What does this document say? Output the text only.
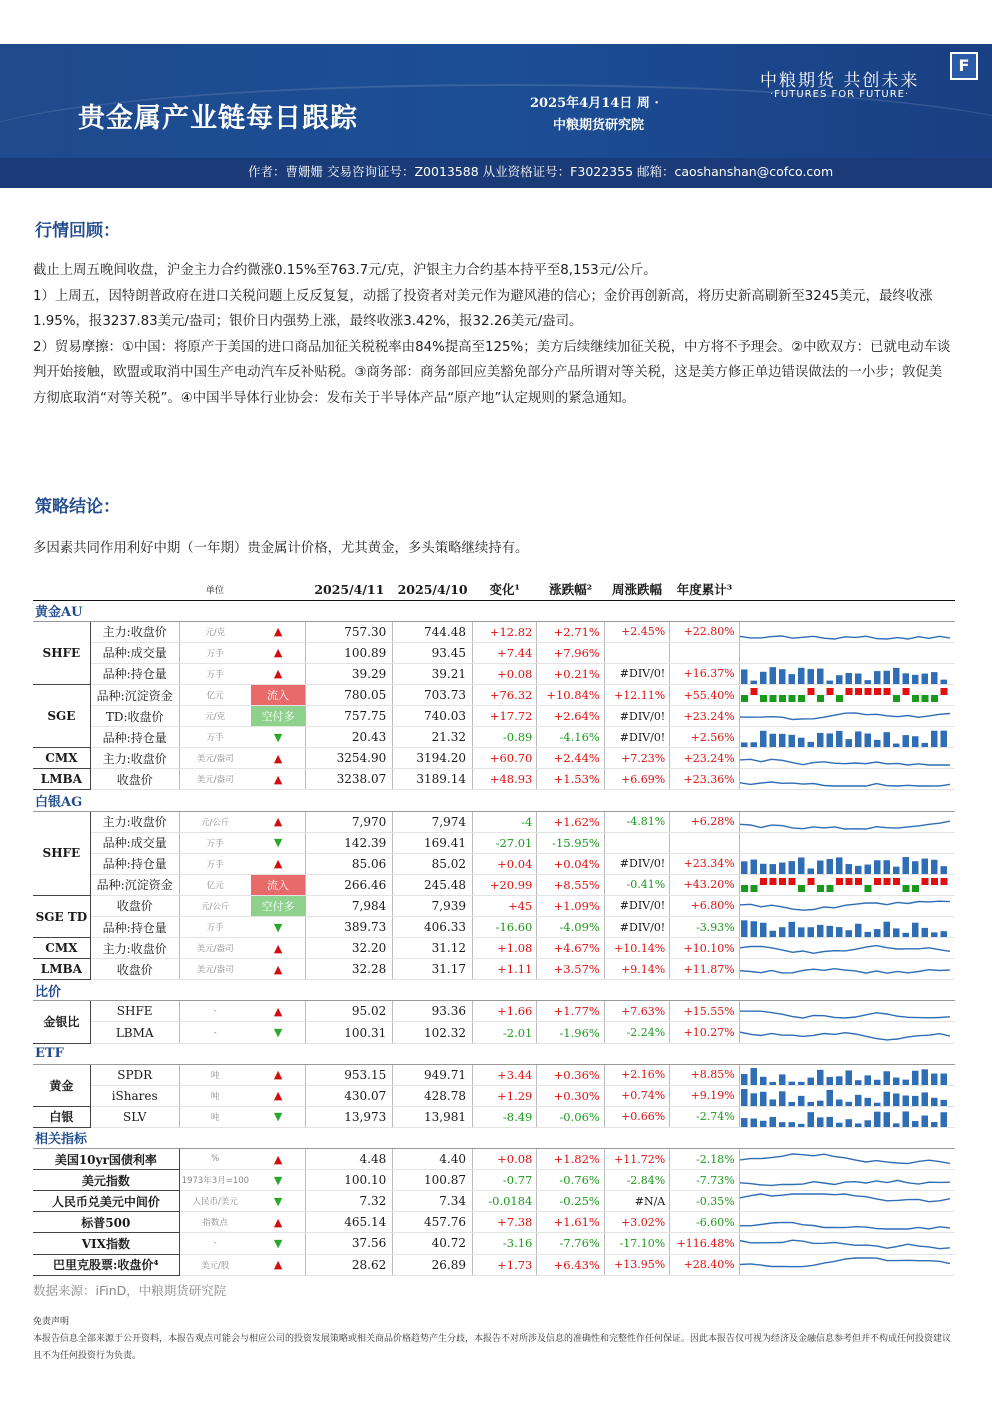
贵金属产业链每日跟踪	2025年4月14日 周 ·
中粮期货研究院
中粮期货 共创未来
·FUTURES FOR FUTURE·
F
作者：曹姗姗 交易咨询证号：Z0013588 从业资格证号：F3022355 邮箱：caoshanshan@cofco.com
行情回顾：
截止上周五晚间收盘，沪金主力合约微涨0.15%至763.7元/克，沪银主力合约基本持平至8,153元/公斤。
1）上周五，因特朗普政府在进口关税问题上反反复复，动摇了投资者对美元作为避风港的信心；金价再创新高，将历史新高刷新至3245美元，最终收涨1.95%，报3237.83美元/盎司；银价日内强势上涨，最终收涨3.42%，报32.26美元/盎司。
2）贸易摩擦：①中国：将原产于美国的进口商品加征关税税率由84%提高至125%；美方后续继续加征关税，中方将不予理会。②中欧双方：已就电动车谈判开始接触，欧盟或取消中国生产电动汽车反补贴税。③商务部：商务部回应美豁免部分产品所谓对等关税，这是美方修正单边错误做法的一小步；敦促美方彻底取消“对等关税”。④中国半导体行业协会：发布关于半导体产品“原产地”认定规则的紧急通知。
策略结论：
多因素共同作用利好中期（一年期）贵金属计价格，尤其黄金，多头策略继续持有。
		单位		2025/4/11	2025/4/10	变化¹	涨跌幅²	周涨跌幅	年度累计³	
黄金AU										
SHFE	主力:收盘价	元/克	▲	757.30	744.48	+12.82	+2.71%	+2.45%	+22.80%	

	品种:成交量	万手	▲	100.89	93.45	+7.44	+7.96%			
	品种:持仓量	万手	▲	39.29	39.21	+0.08	+0.21%	#DIV/0!	+16.37%	

SGE	品种:沉淀资金	亿元	流入	780.05	703.73	+76.32	+10.84%	+12.11%	+55.40%	

	TD:收盘价	元/克	空付多	757.75	740.03	+17.72	+2.64%	#DIV/0!	+23.24%	

	品种:持仓量	万手	▼	20.43	21.32	-0.89	-4.16%	#DIV/0!	+2.56%	

CMX	主力:收盘价	美元/盎司	▲	3254.90	3194.20	+60.70	+2.44%	+7.23%	+23.24%	

LMBA	收盘价	美元/盎司	▲	3238.07	3189.14	+48.93	+1.53%	+6.69%	+23.36%	

白银AG										
SHFE	主力:收盘价	元/公斤	▲	7,970	7,974	-4	+1.62%	-4.81%	+6.28%	

	品种:成交量	万手	▼	142.39	169.41	-27.01	-15.95%			
	品种:持仓量	万手	▲	85.06	85.02	+0.04	+0.04%	#DIV/0!	+23.34%	

	品种:沉淀资金	亿元	流入	266.46	245.48	+20.99	+8.55%	-0.41%	+43.20%	

SGE TD	收盘价	元/公斤	空付多	7,984	7,939	+45	+1.09%	#DIV/0!	+6.80%	

	品种:持仓量	万手	▼	389.73	406.33	-16.60	-4.09%	#DIV/0!	-3.93%	

CMX	主力:收盘价	美元/盎司	▲	32.20	31.12	+1.08	+4.67%	+10.14%	+10.10%	

LMBA	收盘价	美元/盎司	▲	32.28	31.17	+1.11	+3.57%	+9.14%	+11.87%	

比价										
金银比	SHFE	-	▲	95.02	93.36	+1.66	+1.77%	+7.63%	+15.55%	

	LBMA	-	▼	100.31	102.32	-2.01	-1.96%	-2.24%	+10.27%	

ETF										
黄金	SPDR	吨	▲	953.15	949.71	+3.44	+0.36%	+2.16%	+8.85%	

	iShares	吨	▲	430.07	428.78	+1.29	+0.30%	+0.74%	+9.19%	

白银	SLV	吨	▼	13,973	13,981	-8.49	-0.06%	+0.66%	-2.74%	

相关指标										
美国10yr国债利率		%	▲	4.48	4.40	+0.08	+1.82%	+11.72%	-2.18%	

美元指数		1973年3月=100	▼	100.10	100.87	-0.77	-0.76%	-2.84%	-7.73%	

人民币兑美元中间价		人民币/美元	▼	7.32	7.34	-0.0184	-0.25%	#N/A	-0.35%	

标普500		指数点	▲	465.14	457.76	+7.38	+1.61%	+3.02%	-6.60%	

VIX指数		-	▼	37.56	40.72	-3.16	-7.76%	-17.10%	+116.48%	

巴里克股票:收盘价⁴		美元/股	▲	28.62	26.89	+1.73	+6.43%	+13.95%	+28.40%	
数据来源：iFinD，中粮期货研究院
免责声明
本报告信息全部来源于公开资料，本报告观点可能会与相应公司的投资发展策略或相关商品价格趋势产生分歧，本报告不对所涉及信息的准确性和完整性作任何保证。因此本报告仅可视为经济及金融信息参考但并不构成任何投资建议且不为任何投资行为负责。
